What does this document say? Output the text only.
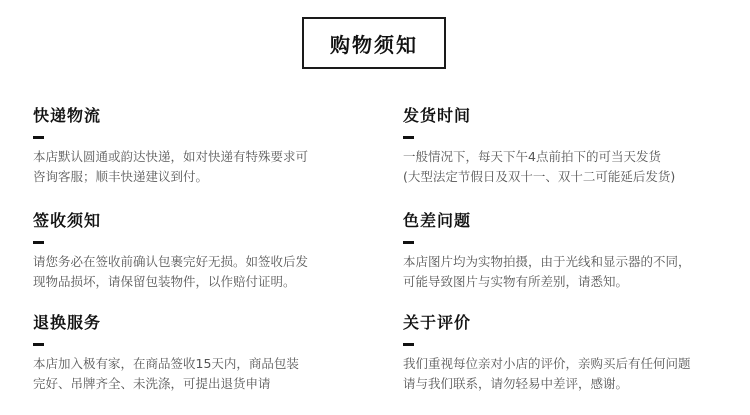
购物须知
快递物流
本店默认圆通或韵达快递，如对快递有特殊要求可
咨询客服；顺丰快递建议到付。
发货时间
一般情况下，每天下午4点前拍下的可当天发货
(大型法定节假日及双十一、双十二可能延后发货)
签收须知
请您务必在签收前确认包裹完好无损。如签收后发
现物品损坏，请保留包装物件，以作赔付证明。
色差问题
本店图片均为实物拍摄，由于光线和显示器的不同，
可能导致图片与实物有所差别，请悉知。
退换服务
本店加入极有家，在商品签收15天内，商品包装
完好、吊牌齐全、未洗涤，可提出退货申请
关于评价
我们重视每位亲对小店的评价，亲购买后有任何问题
请与我们联系，请勿轻易中差评，感谢。
